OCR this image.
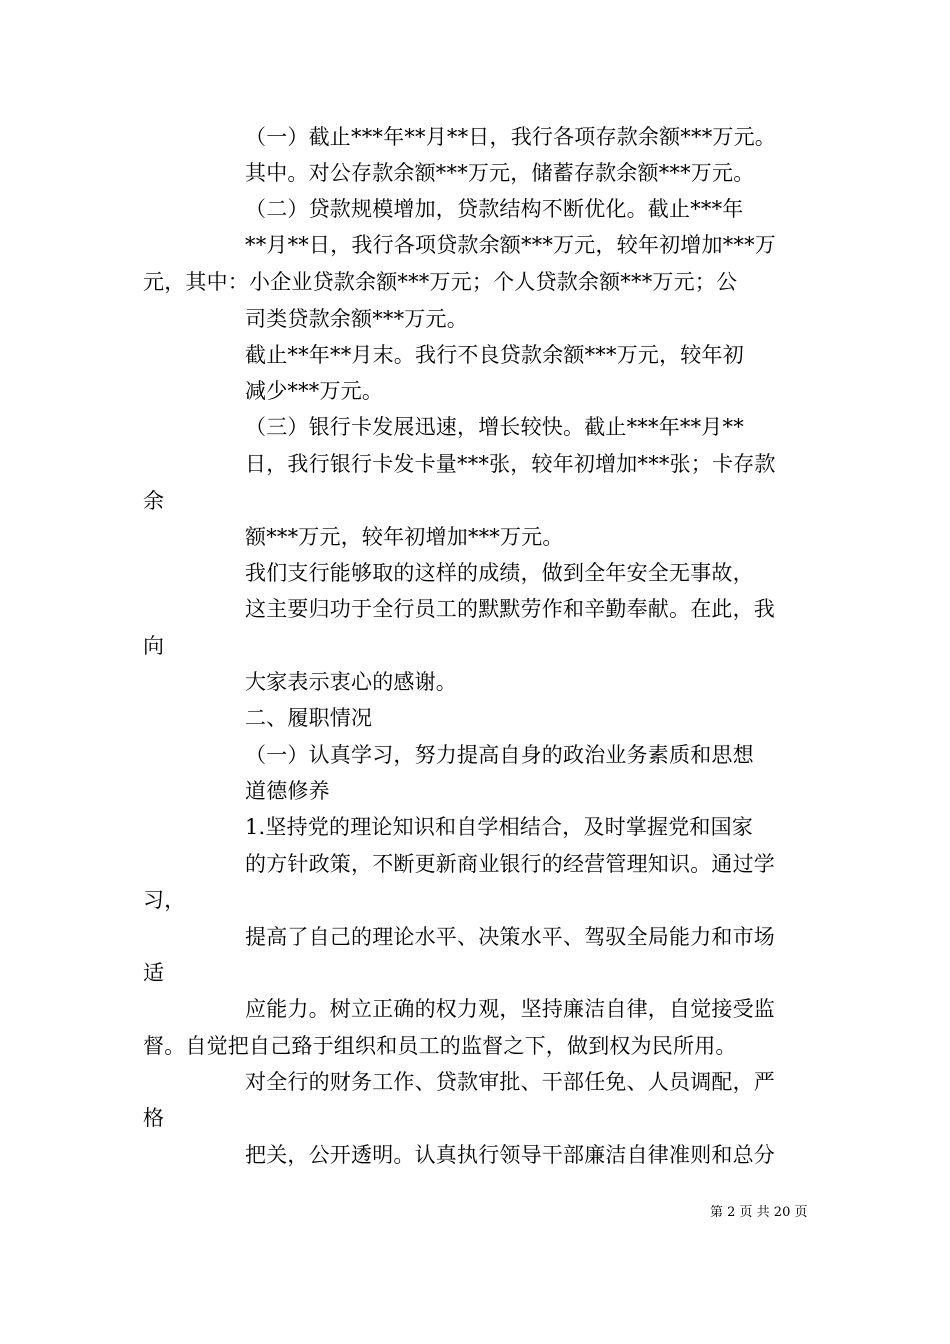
（一）截止***年**月**日，我行各项存款余额***万元。
其中。对公存款余额***万元，储蓄存款余额***万元。
（二）贷款规模增加，贷款结构不断优化。截止***年
**月**日，我行各项贷款余额***万元，较年初增加***万
元，其中：小企业贷款余额***万元；个人贷款余额***万元；公
司类贷款余额***万元。
截止**年**月末。我行不良贷款余额***万元，较年初
减少***万元。
（三）银行卡发展迅速，增长较快。截止***年**月**
日，我行银行卡发卡量***张，较年初增加***张；卡存款
余
额***万元，较年初增加***万元。
我们支行能够取的这样的成绩，做到全年安全无事故，
这主要归功于全行员工的默默劳作和辛勤奉献。在此，我
向
大家表示衷心的感谢。
二、履职情况
（一）认真学习，努力提高自身的政治业务素质和思想
道德修养
1.坚持党的理论知识和自学相结合，及时掌握党和国家
的方针政策，不断更新商业银行的经营管理知识。通过学
习，
提高了自己的理论水平、决策水平、驾驭全局能力和市场
适
应能力。树立正确的权力观，坚持廉洁自律，自觉接受监
督。自觉把自己臵于组织和员工的监督之下，做到权为民所用。
对全行的财务工作、贷款审批、干部任免、人员调配，严
格
把关，公开透明。认真执行领导干部廉洁自律准则和总分
第 2 页 共 20 页
